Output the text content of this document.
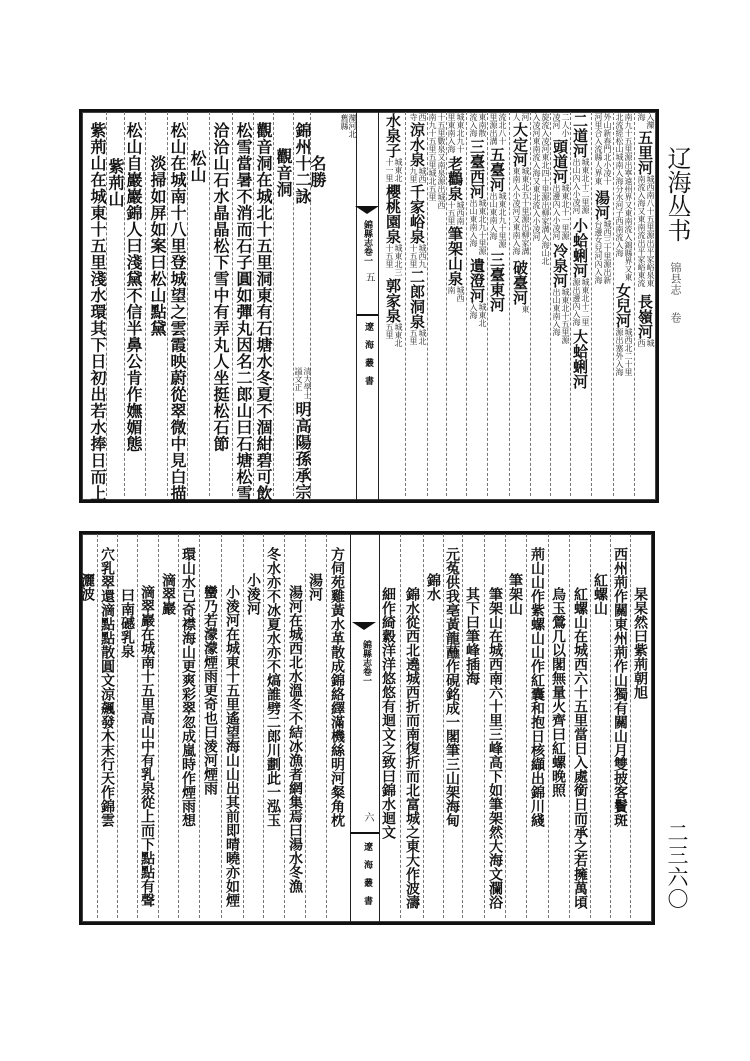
辽海丛书
锦县志
卷
二三六〇
灤河北舊縣
錦縣志卷一
五
遼海叢書
錦縣志卷一
六
遼海叢書
入灤海
五里河
城西南八十五里源出平家峪泉東南流入海又東南流出平家峪東流
長嶺河
城西
南九十五里源出寧遠州界又東南流入錦縣界又東北流經松山城南入海分水河子西南流入海
女兒河
城西北二十里源出塞外入海
外山新春門北小凌十河里合入流縣人界東
湯河
城西三十里源出新台邊女兒河內入海
二道河
城東北十二里源出山內入小凌河
小蛤蜊河
城東北十二里源出邊內入海
大蛤蜊河
二人小凌河
頭道河
城東北十一里源出邊內入小凌河
冷泉河
城東北十五里源出山東南入海
旋流入凌河東北四十里源出柳家溝入海山北入凌河東南流入海又東北流入小凌河
河人
大定河
城東北五十里源出柳家溝東南入小凌河又東南入海
破臺河
東
流北八十里源出溝
五臺河
城東北九十里源出山東南入海
三臺東河
東南散流入海
三臺西河
城東北九十里源出山東南入海
遺澄河
城東北入海
城東北九十里東南入海
老鸛泉
城西南十五里
筆架山泉
城西南
十五里數泉又南泉源出城西南九十五里五里城北五里
西寺
涼水泉
城西九里
千家峪泉
城西九十五里
二郎洞泉
城北五里
水泉子
城東北十一里
櫻桃園泉
城東北三十五里
郭家泉
城東北五里
名勝
錦州十二詠
清大學士謚文正
明高陽孫承宗
觀音洞
觀音洞在城北十五里洞東有石塘水冬夏不涸紺碧可飲
松雪當暑不消而石子圓如彈丸因名二郎山曰石塘松雪
洽洽山石水晶晶松下雪中有弄丸人坐挺松石節
松山
松山在城南十八里登城望之雲霞映蔚從翠微中見白描
淡掃如屏如案曰松山點黛
松山自巖巖錦人曰淺黛不信半鼻公肯作嫵媚態
紫荊山
紫荊山在城東十五里淺水環其下日初出若水捧日而上
杲杲然曰紫荊朝旭
西州荊作關東州荊作山獨有關山月雙披客鬢斑
紅螺山
紅螺山在城西六十五里當日入處銜日而承之若擁萬頃
烏玉鶯几以閣無量火齊曰紅螺晚照
荊山山作紫螺山山作紅囊和抱日核纈出錦川綫
筆架山
筆架山在城西南六十里三峰高下如筆架然大海文瀾浴
其下曰筆峰插海
元菟供我亳黃龍蘸作硯銘成一閣筆三山架海甸
錦水
錦水從西北遶城西折而南復折而北富城之東大作波濤
細作綺縠洋洋悠悠有迴文之致曰錦水迴文
方伺苑雞黃水革散成錦絡繹滿機絲明河粲角枕
湯河
湯河在城西北水溫冬不結冰漁者網集焉曰湯水冬漁
冬水亦不冰夏水亦不熇誰劈二郎川劃此一泓玉
小淩河
小淩河在城東十五里遙望海山山出其前即晴曉亦如煙
蠻乃若濛濛煙雨更奇也曰淩河煙雨
環山水已奇襟海山更爽彩翠忽成嵐時作煙雨想
滴翠巖
滴翠巖在城南十五里高山中有乳泉從上而下點點有聲
曰南䃭乳泉
穴乳翠還滴點點散圓文涼飆發木末行天作錦雲
灑波
